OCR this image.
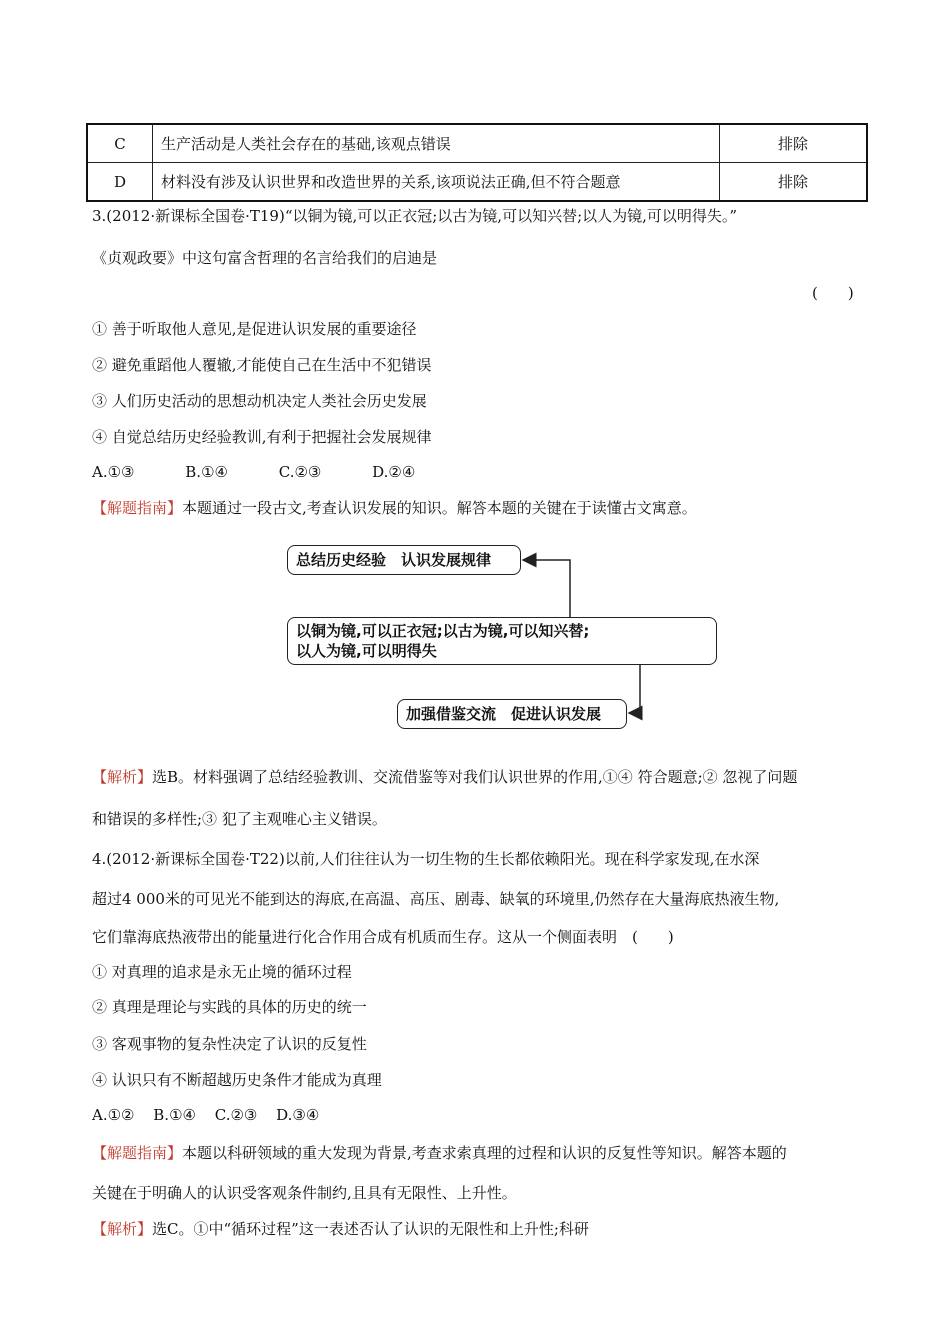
C	生产活动是人类社会存在的基础,该观点错误	排除
D	材料没有涉及认识世界和改造世界的关系,该项说法正确,但不符合题意	排除
3.(2012·新课标全国卷·T19)“以铜为镜,可以正衣冠;以古为镜,可以知兴替;以人为镜,可以明得失。”
《贞观政要》中这句富含哲理的名言给我们的启迪是
(　　)
① 善于听取他人意见,是促进认识发展的重要途径
② 避免重蹈他人覆辙,才能使自己在生活中不犯错误
③ 人们历史活动的思想动机决定人类社会历史发展
④ 自觉总结历史经验教训,有利于把握社会发展规律
A.①③	B.①④	C.②③	D.②④
【解题指南】本题通过一段古文,考查认识发展的知识。解答本题的关键在于读懂古文寓意。
总结历史经验　认识发展规律
以铜为镜,可以正衣冠;以古为镜,可以知兴替;
以人为镜,可以明得失
加强借鉴交流　促进认识发展
【解析】选B。材料强调了总结经验教训、交流借鉴等对我们认识世界的作用,①④ 符合题意;② 忽视了问题
和错误的多样性;③ 犯了主观唯心主义错误。
4.(2012·新课标全国卷·T22)以前,人们往往认为一切生物的生长都依赖阳光。现在科学家发现,在水深
超过4 000米的可见光不能到达的海底,在高温、高压、剧毒、缺氧的环境里,仍然存在大量海底热液生物,
它们靠海底热液带出的能量进行化合作用合成有机质而生存。这从一个侧面表明　(　　)
① 对真理的追求是永无止境的循环过程
② 真理是理论与实践的具体的历史的统一
③ 客观事物的复杂性决定了认识的反复性
④ 认识只有不断超越历史条件才能成为真理
A.①② B.①④ C.②③ D.③④
【解题指南】本题以科研领域的重大发现为背景,考查求索真理的过程和认识的反复性等知识。解答本题的
关键在于明确人的认识受客观条件制约,且具有无限性、上升性。
【解析】选C。①中“循环过程”这一表述否认了认识的无限性和上升性;科研
